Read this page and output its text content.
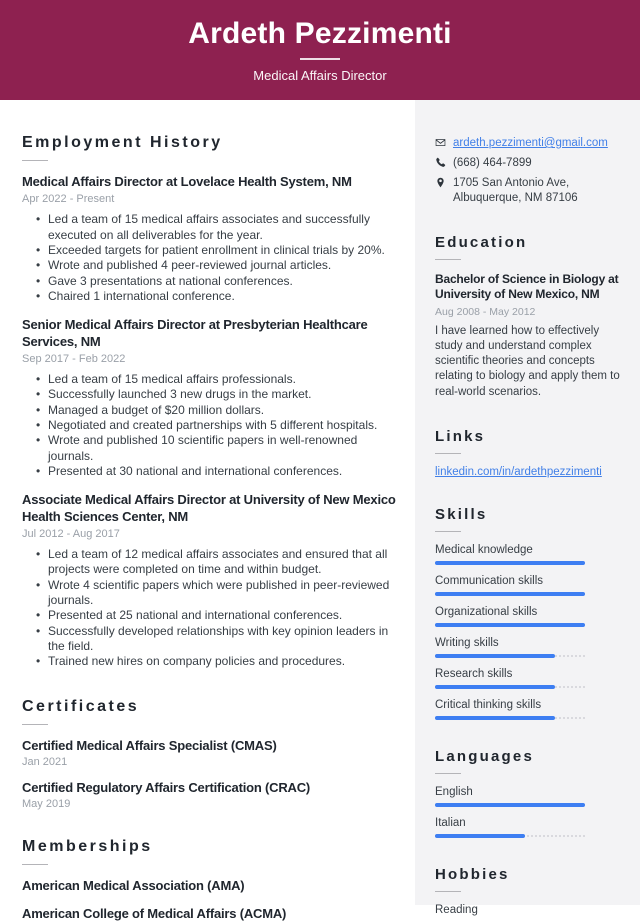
Ardeth Pezzimenti
Medical Affairs Director
Employment History
Medical Affairs Director at Lovelace Health System, NM
Apr 2022 - Present
• Led a team of 15 medical affairs associates and successfully executed on all deliverables for the year.
• Exceeded targets for patient enrollment in clinical trials by 20%.
• Wrote and published 4 peer-reviewed journal articles.
• Gave 3 presentations at national conferences.
• Chaired 1 international conference.
Senior Medical Affairs Director at Presbyterian Healthcare Services, NM
Sep 2017 - Feb 2022
• Led a team of 15 medical affairs professionals.
• Successfully launched 3 new drugs in the market.
• Managed a budget of $20 million dollars.
• Negotiated and created partnerships with 5 different hospitals.
• Wrote and published 10 scientific papers in well-renowned journals.
• Presented at 30 national and international conferences.
Associate Medical Affairs Director at University of New Mexico Health Sciences Center, NM
Jul 2012 - Aug 2017
• Led a team of 12 medical affairs associates and ensured that all projects were completed on time and within budget.
• Wrote 4 scientific papers which were published in peer-reviewed journals.
• Presented at 25 national and international conferences.
• Successfully developed relationships with key opinion leaders in the field.
• Trained new hires on company policies and procedures.
Certificates
Certified Medical Affairs Specialist (CMAS)
Jan 2021
Certified Regulatory Affairs Certification (CRAC)
May 2019
Memberships
American Medical Association (AMA)
American College of Medical Affairs (ACMA)
ardeth.pezzimenti@gmail.com
(668) 464-7899
1705 San Antonio Ave,
Albuquerque, NM 87106
Education
Bachelor of Science in Biology at University of New Mexico, NM
Aug 2008 - May 2012
I have learned how to effectively study and understand complex scientific theories and concepts relating to biology and apply them to real-world scenarios.
Links
linkedin.com/in/ardethpezzimenti
Skills
Medical knowledge
Communication skills
Organizational skills
Writing skills
Research skills
Critical thinking skills
Languages
English
Italian
Hobbies
Reading
